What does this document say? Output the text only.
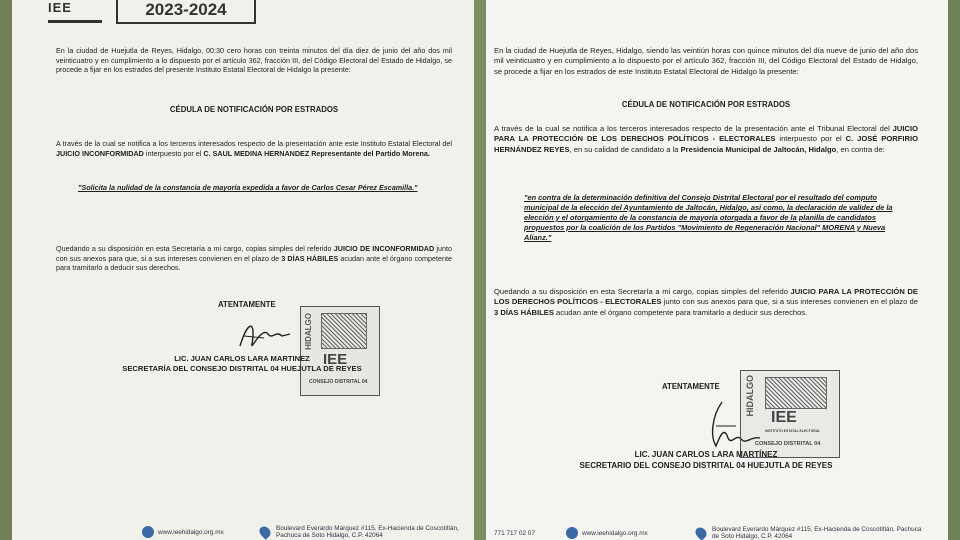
IEE	2023-2024
En la ciudad de Huejutla de Reyes, Hidalgo, 00:30 cero horas con treinta minutos del día diez de junio del año dos mil veinticuatro y en cumplimiento a lo dispuesto por el artículo 362, fracción III, del Código Electoral del Estado de Hidalgo, se procede a fijar en los estrados del presente Instituto Estatal Electoral de Hidalgo la presente:
CÉDULA DE NOTIFICACIÓN POR ESTRADOS
A través de la cual se notifica a los terceros interesados respecto de la presentación ante este Instituto Estatal Electoral del JUICIO INCONFORMIDAD interpuesto por el C. SAUL MEDINA HERNANDEZ Representante del Partido Morena.
"Solicita la nulidad de la constancia de mayoría expedida a favor de Carlos Cesar Pérez Escamilla."
Quedando a su disposición en esta Secretaría a mi cargo, copias simples del referido JUICIO DE INCONFORMIDAD junto con sus anexos para que, si a sus intereses convienen en el plazo de 3 DÍAS HÁBILES acudan ante el órgano competente para tramitarlo a deducir sus derechos.
ATENTAMENTE
HIDALGO
IEE
CONSEJO DISTRITAL 04
LIC. JUAN CARLOS LARA MARTINEZ
SECRETARÍA DEL CONSEJO DISTRITAL 04 HUEJUTLA DE REYES
www.ieehidalgo.org.mx
Boulevard Everardo Márquez #115, Ex-Hacienda de Coscotitlán, Pachuca de Soto Hidalgo, C.P. 42064
En la ciudad de Huejutla de Reyes, Hidalgo, siendo las veintiún horas con quince minutos del día nueve de junio del año dos mil veinticuatro y en cumplimiento a lo dispuesto por el artículo 362, fracción III, del Código Electoral del Estado de Hidalgo, se procede a fijar en los estrados de este Instituto Estatal Electoral de Hidalgo la presente:
CÉDULA DE NOTIFICACIÓN POR ESTRADOS
A través de la cual se notifica a los terceros interesados respecto de la presentación ante el Tribunal Electoral del JUICIO PARA LA PROTECCIÓN DE LOS DERECHOS POLÍTICOS - ELECTORALES interpuesto por el C. JOSÉ PORFIRIO HERNÁNDEZ REYES, en su calidad de candidato a la Presidencia Municipal de Jaltocán, Hidalgo, en contra de:
"en contra de la determinación definitiva del Consejo Distrital Electoral por el resultado del computo municipal de la elección del Ayuntamiento de Jaltocán, Hidalgo, así como, la declaración de validez de la elección y el otorgamiento de la constancia de mayoría otorgada a favor de la planilla de candidatos propuestos por la coalición de los Partidos "Movimiento de Regeneración Nacional" MORENA y Nueva Alianz."
Quedando a su disposición en esta Secretaría a mi cargo, copias simples del referido JUICIO PARA LA PROTECCIÓN DE LOS DERECHOS POLÍTICOS - ELECTORALES junto con sus anexos para que, si a sus intereses convienen en el plazo de 3 DÍAS HÁBILES acudan ante el órgano competente para tramitarlo a deducir sus derechos.
ATENTAMENTE	HIDALGO
IEE
INSTITUTO ESTATAL ELECTORAL
CONSEJO DISTRITAL 04
LIC. JUAN CARLOS LARA MARTÍNEZ
SECRETARIO DEL CONSEJO DISTRITAL 04 HUEJUTLA DE REYES
771 717 02 07	www.ieehidalgo.org.mx
Boulevard Everardo Márquez #115, Ex-Hacienda de Coscotitlán, Pachuca de Soto Hidalgo, C.P. 42064
